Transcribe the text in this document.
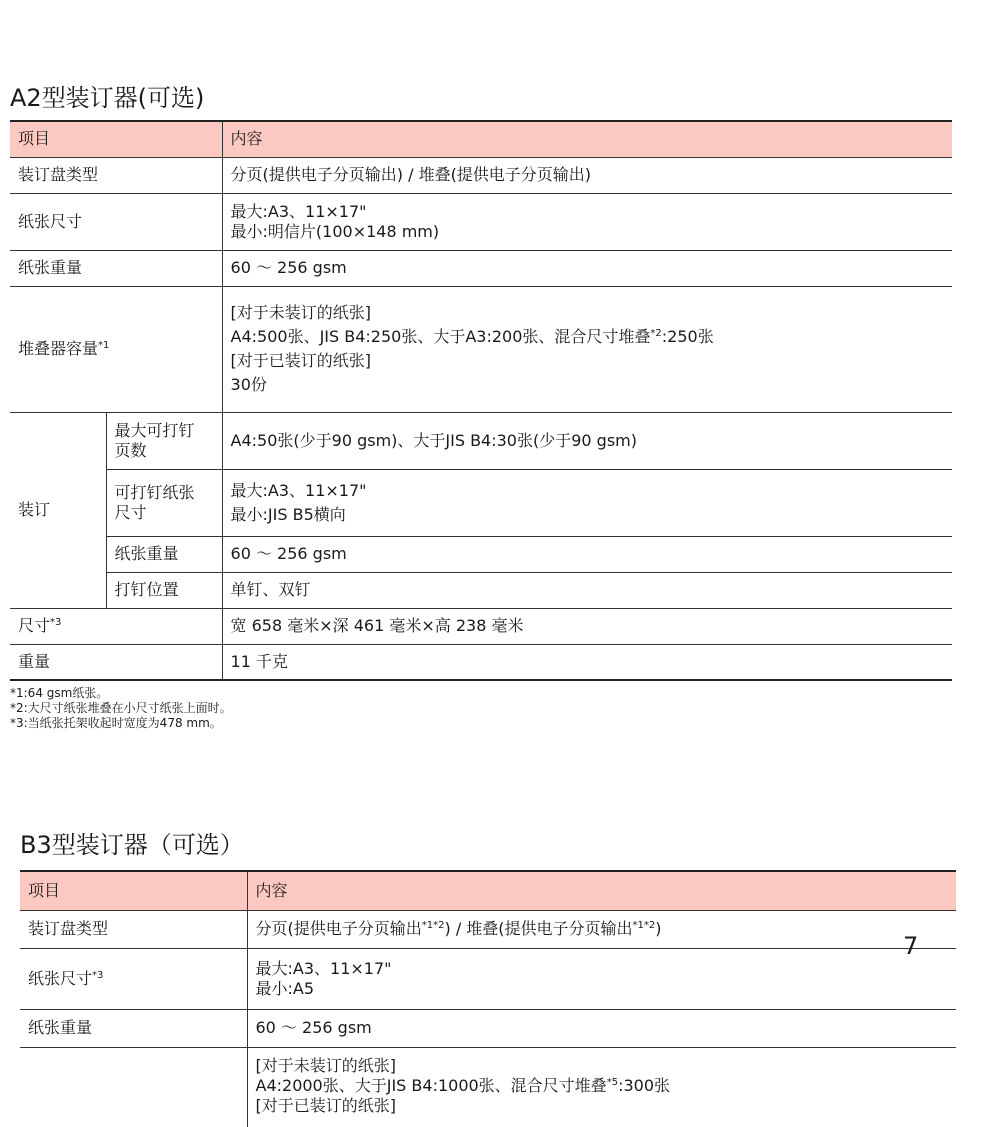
A2型装订器(可选)
项目		内容
装订盘类型		分页(提供电子分页输出) / 堆叠(提供电子分页输出)
纸张尺寸		最大:A3、11×17"
最小:明信片(100×148 mm)

纸张重量		60 ～ 256 gsm
堆叠器容量$^{*1}$		[对于未装订的纸张]
A4:500张、JIS B4:250张、大于A3:200张、混合尺寸堆叠$^{*2}$:250张
[对于已装订的纸张]
30份

装订	最大可打钉
页数	A4:50张(少于90 gsm)、大于JIS B4:30张(少于90 gsm)

	可打钉纸张
尺寸	最大:A3、11×17"
最小:JIS B5横向

	纸张重量	60 ～ 256 gsm
	打钉位置	单钉、双钉
尺寸$^{*3}$		宽 658 毫米×深 461 毫米×高 238 毫米
重量		11 千克
*1:64 gsm纸张。
*2:大尺寸纸张堆叠在小尺寸纸张上面时。
*3:当纸张托架收起时宽度为478 mm。
B3型装订器（可选）
项目	内容
装订盘类型	分页(提供电子分页输出$^{*1*2}$) / 堆叠(提供电子分页输出$^{*1*2}$)
纸张尺寸$^{*3}$	最大:A3、11×17"
最小:A5

纸张重量	60 ～ 256 gsm

	[对于未装订的纸张]
A4:2000张、大于JIS B4:1000张、混合尺寸堆叠$^{*5}$:300张
[对于已装订的纸张]
7
